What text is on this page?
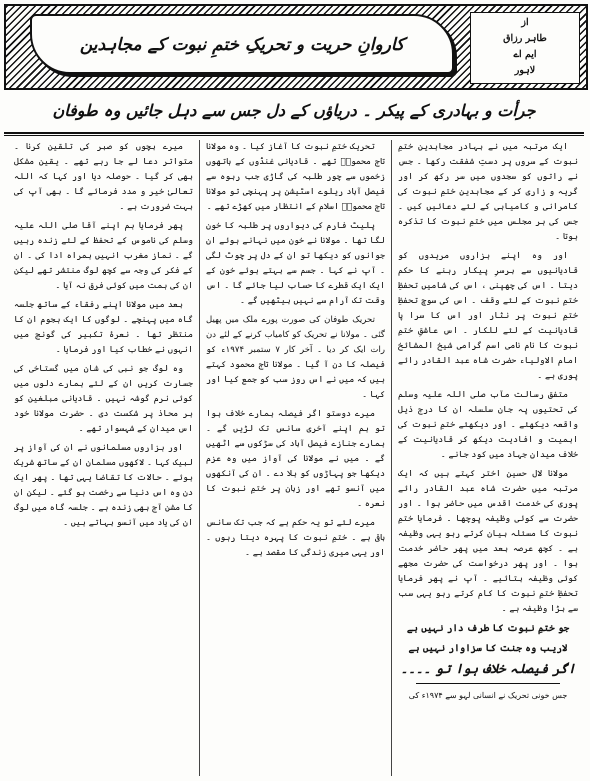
کاروانِ حریت و تحریکِ ختمِ نبوت کے مجاہدین
از
طاہر رزاق
ایم اے
لاہور
جرأت و بہادری کے پیکر ۔ دریاؤں کے دل جس سے دہل جائیں وہ طوفان

ایک مرتبہ میں نے بہادر مجاہدین ختمِ نبوت کے سروں پر دستِ شفقت رکھا ۔ جس نے راتوں کو سجدوں میں سر رکھ کر اور گریہ و زاری کر کے مجاہدینِ ختمِ نبوت کی کامرانی و کامیابی کے لئے دعائیں کیں ۔ جس کی ہر مجلس میں ختمِ نبوت کا تذکرہ ہوتا ۔

اور وہ اپنے ہزاروں مریدوں کو قادیانیوں سے برسرِ پیکار رہنے کا حکم دیتا ۔ اس کی چھپنی ، اس کی شامیں تحفظِ ختمِ نبوت کے لئے وقف ۔ اس کی سوچ تحفظِ ختمِ نبوت پر نثار اور اس کا سرا پا قادیانیت کے لئے للکار ۔ اس عاشقِ ختمِ نبوت کا نام نامی اسم گرامی شیخ المشائخ امام الاولیاء حضرت شاہ عبد القادر رائے پوری ہے ۔

متفق رسالت مآب صلی اللہ علیہ وسلم کی تحتیوں پہ جان سلسلہ ان کا درج ذیل واقعہ دیکھئے ۔ اور دیکھئے ختمِ نبوت کی اہمیت و افادیت دیکھ کر قادیانیت کے خلاف میدانِ جہاد میں کود جانے ۔

مولانا لال حسین اختر کہتے ہیں کہ ایک مرتبہ میں حضرت شاہ عبد القادر رائے پوری کی خدمت اقدس میں حاضر ہوا ۔ اور حضرت سے کوئی وظیفہ پوچھا ۔ فرمایا ختمِ نبوت کا مسئلہ بیان کرتے رہو یہی وظیفہ ہے ۔ کچھ عرصہ بعد میں پھر حاضر خدمت ہوا ۔ اور پھر درخواست کی حضرت مجھے کوئی وظیفہ بتائیے ۔ آپ نے پھر فرمایا تحفظِ ختمِ نبوت کا کام کرتے رہو یہی سب سے بڑا وظیفہ ہے ۔

جو ختمِ نبوت کا طرف دار نہیں ہے

لاریب وہ جنت کا سزاوار نہیں ہے

اگر فیصلہ خلاف ہوا تو ۔۔۔۔

جس خونی تحریک نے انسانی لہو سے ۱۹۷۴ء کی

تحریک ختمِ نبوت کا آغاز کیا ۔ وہ مولانا تاج محمودؒ تھے ۔ قادیانی غنڈوں کے ہاتھوں زخموں سے چور طلبہ کی گاڑی جب ربوہ سے فیصل آباد ریلوے اسٹیشن پر پہنچی تو مولانا تاج محمودؒ اسلام کے انتظار میں کھڑے تھے ۔

پلیٹ فارم کی دیواروں پر طلبہ کا خون لگا تھا ۔ مولانا نے خون میں نہانے ہوئے ان جوانوں کو دیکھا تو ان کے دل پر چوٹ لگی ۔ آپ نے کہا ۔ جسم سے بہتے ہوئے خون کے ایک ایک قطرے کا حساب لیا جائے گا ۔ اس وقت تک آرام سے نہیں بیٹھیں گے ۔

تحریک طوفان کی صورت پورے ملک میں پھیل گئی ۔ مولانا نے تحریک کو کامیاب کرنے کے لئے دن رات ایک کر دیا ۔ آخر کار ۷ ستمبر ۱۹۷۴ء کو فیصلہ کا دن آ گیا ۔ مولانا تاج محمود کہتے ہیں کہ میں نے اس روز سب کو جمع کیا اور کہا ۔

میرے دوستو اگر فیصلہ ہمارے خلاف ہوا تو ہم اپنے آخری سانس تک لڑیں گے ۔ ہمارے جنازے فیصل آباد کی سڑکوں سے اٹھیں گے ۔ میں نے مولانا کی آواز میں وہ عزم دیکھا جو پہاڑوں کو ہلا دے ۔ ان کی آنکھوں میں آنسو تھے اور زبان پر ختمِ نبوت کا نعرہ ۔

میرے لئے تو یہ حکم ہے کہ جب تک سانس باقی ہے ۔ ختمِ نبوت کا پہرہ دیتا رہوں ۔ اور یہی میری زندگی کا مقصد ہے ۔

میرے بچوں کو صبر کی تلقین کرنا ۔ متواتر دعا لے جا رہے تھے ۔ یقین مشکل بھی کر گیا ۔ حوصلہ دیا اور کہا کہ اللہ تعالیٰ خیر و مدد فرمائے گا ۔ بھی آپ کی بہت ضرورت ہے ۔

پھر فرمایا ہم اپنے آقا صلی اللہ علیہ وسلم کی ناموس کے تحفظ کے لئے زندہ رہیں گے ۔ نماز مغرب انہیں ہمراہ ادا کی ۔ ان کے فکر کی وجہ سے کچھ لوگ منتشر تھے لیکن ان کی ہمت میں کوئی فرق نہ آیا ۔

بعد میں مولانا اپنے رفقاء کے ساتھ جلسہ گاہ میں پہنچے ۔ لوگوں کا ایک ہجوم ان کا منتظر تھا ۔ نعرۂ تکبیر کی گونج میں انہوں نے خطاب کیا اور فرمایا ۔

وہ لوگ جو نبی کی شان میں گستاخی کی جسارت کریں ان کے لئے ہمارے دلوں میں کوئی نرم گوشہ نہیں ۔ قادیانی مبلغین کو ہر محاذ پر شکست دی ۔ حضرت مولانا خود اس میدان کے شہسوار تھے ۔

اور ہزاروں مسلمانوں نے ان کی آواز پر لبیک کہا ۔ لاکھوں مسلمان ان کے ساتھ شریک ہوئے ۔ حالات کا تقاضا یہی تھا ۔ پھر ایک دن وہ اس دنیا سے رخصت ہو گئے ۔ لیکن ان کا مشن آج بھی زندہ ہے ۔ جلسہ گاہ میں لوگ ان کی یاد میں آنسو بہاتے ہیں ۔
